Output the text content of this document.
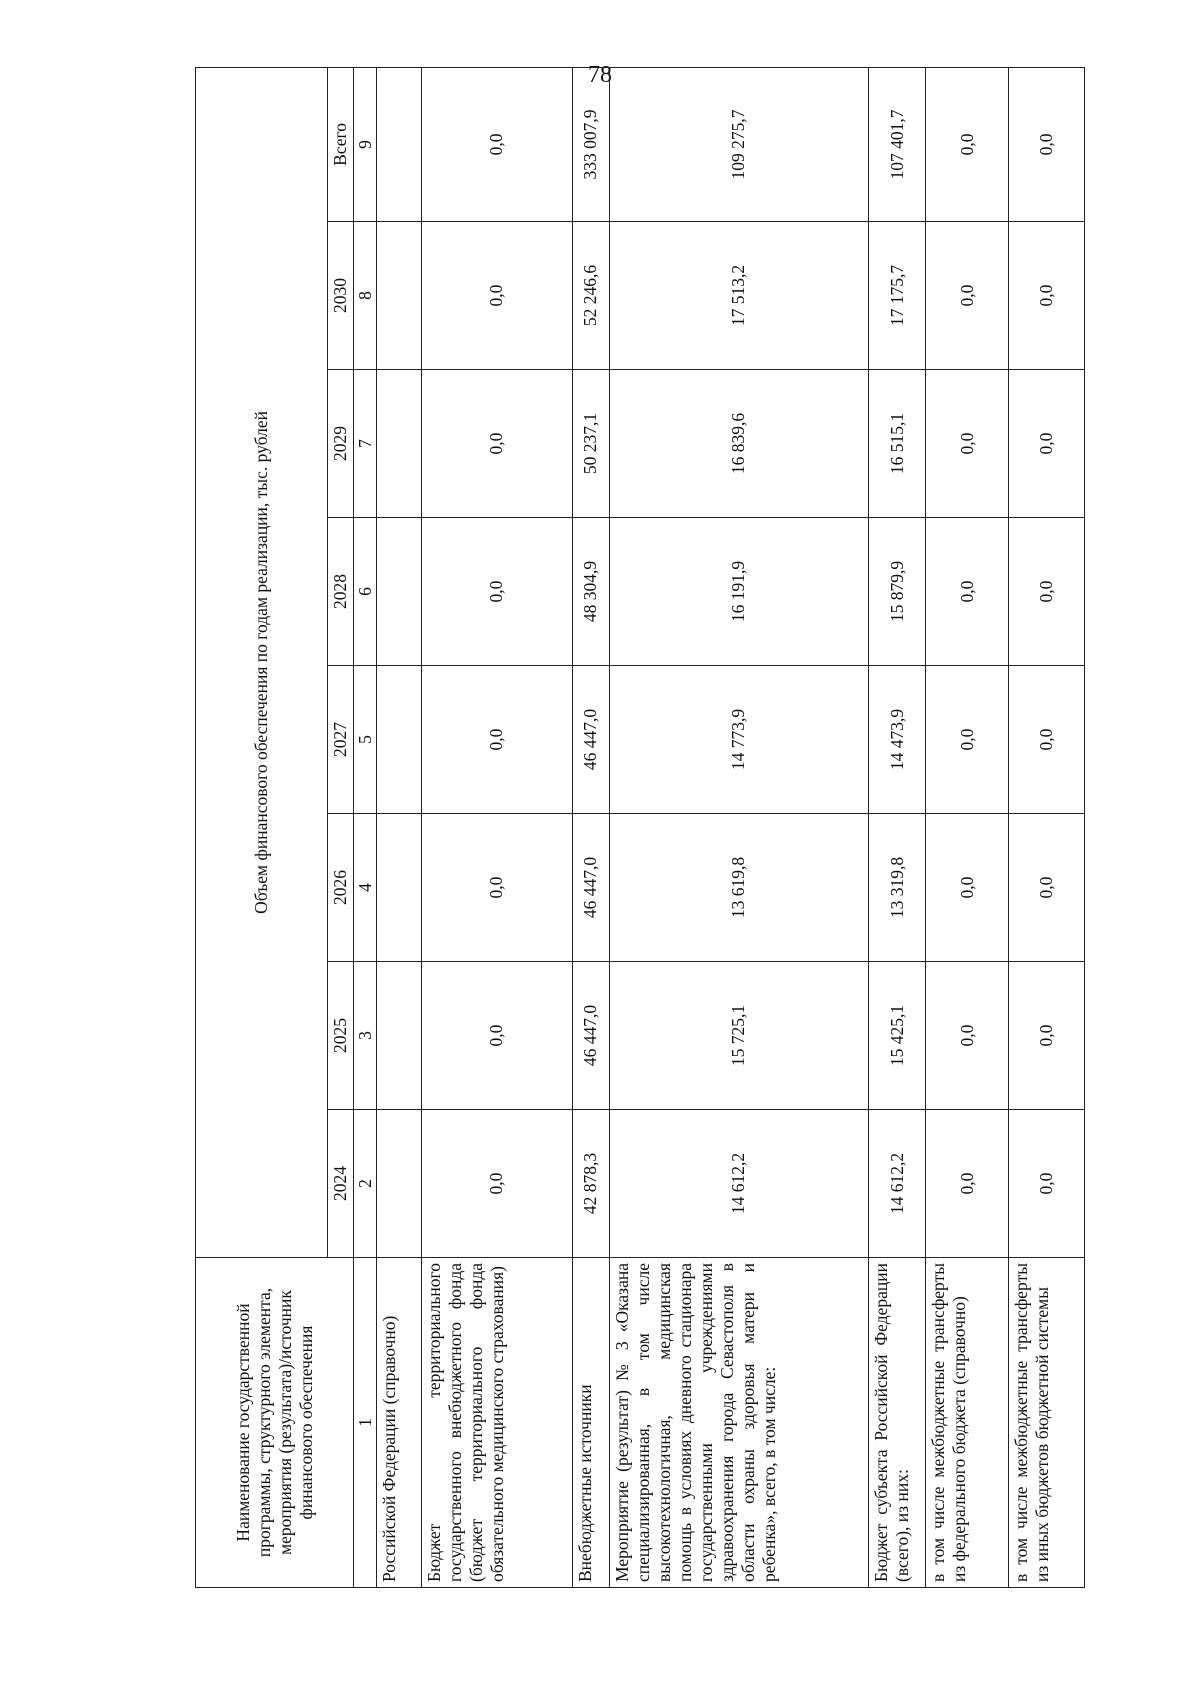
78
Наименование государственной программы, структурного элемента, мероприятия (результата)/источник финансового обеспечения	Объем финансового обеспечения по годам реализации, тыс. рублей							
	2024	2025	2026	2027	2028	2029	2030	Всего
1	2	3	4	5	6	7	8	9
Российской Федерации (справочно)								
Бюджет территориального государственного внебюджетного фонда (бюджет территориального фонда обязательного медицинского страхования)	0,0	0,0	0,0	0,0	0,0	0,0	0,0	0,0
Внебюджетные источники	42 878,3	46 447,0	46 447,0	46 447,0	48 304,9	50 237,1	52 246,6	333 007,9
Мероприятие (результат) № 3 «Оказана специализированная, в том числе высокотехнологичная, медицинская помощь в условиях дневного стационара государственными учреждениями здравоохранения города Севастополя в области охраны здоровья матери и ребенка», всего, в том числе:	14 612,2	15 725,1	13 619,8	14 773,9	16 191,9	16 839,6	17 513,2	109 275,7
Бюджет субъекта Российской Федерации (всего), из них:	14 612,2	15 425,1	13 319,8	14 473,9	15 879,9	16 515,1	17 175,7	107 401,7
в том числе межбюджетные трансферты из федерального бюджета (справочно)	0,0	0,0	0,0	0,0	0,0	0,0	0,0	0,0
в том числе межбюджетные трансферты из иных бюджетов бюджетной системы	0,0	0,0	0,0	0,0	0,0	0,0	0,0	0,0
